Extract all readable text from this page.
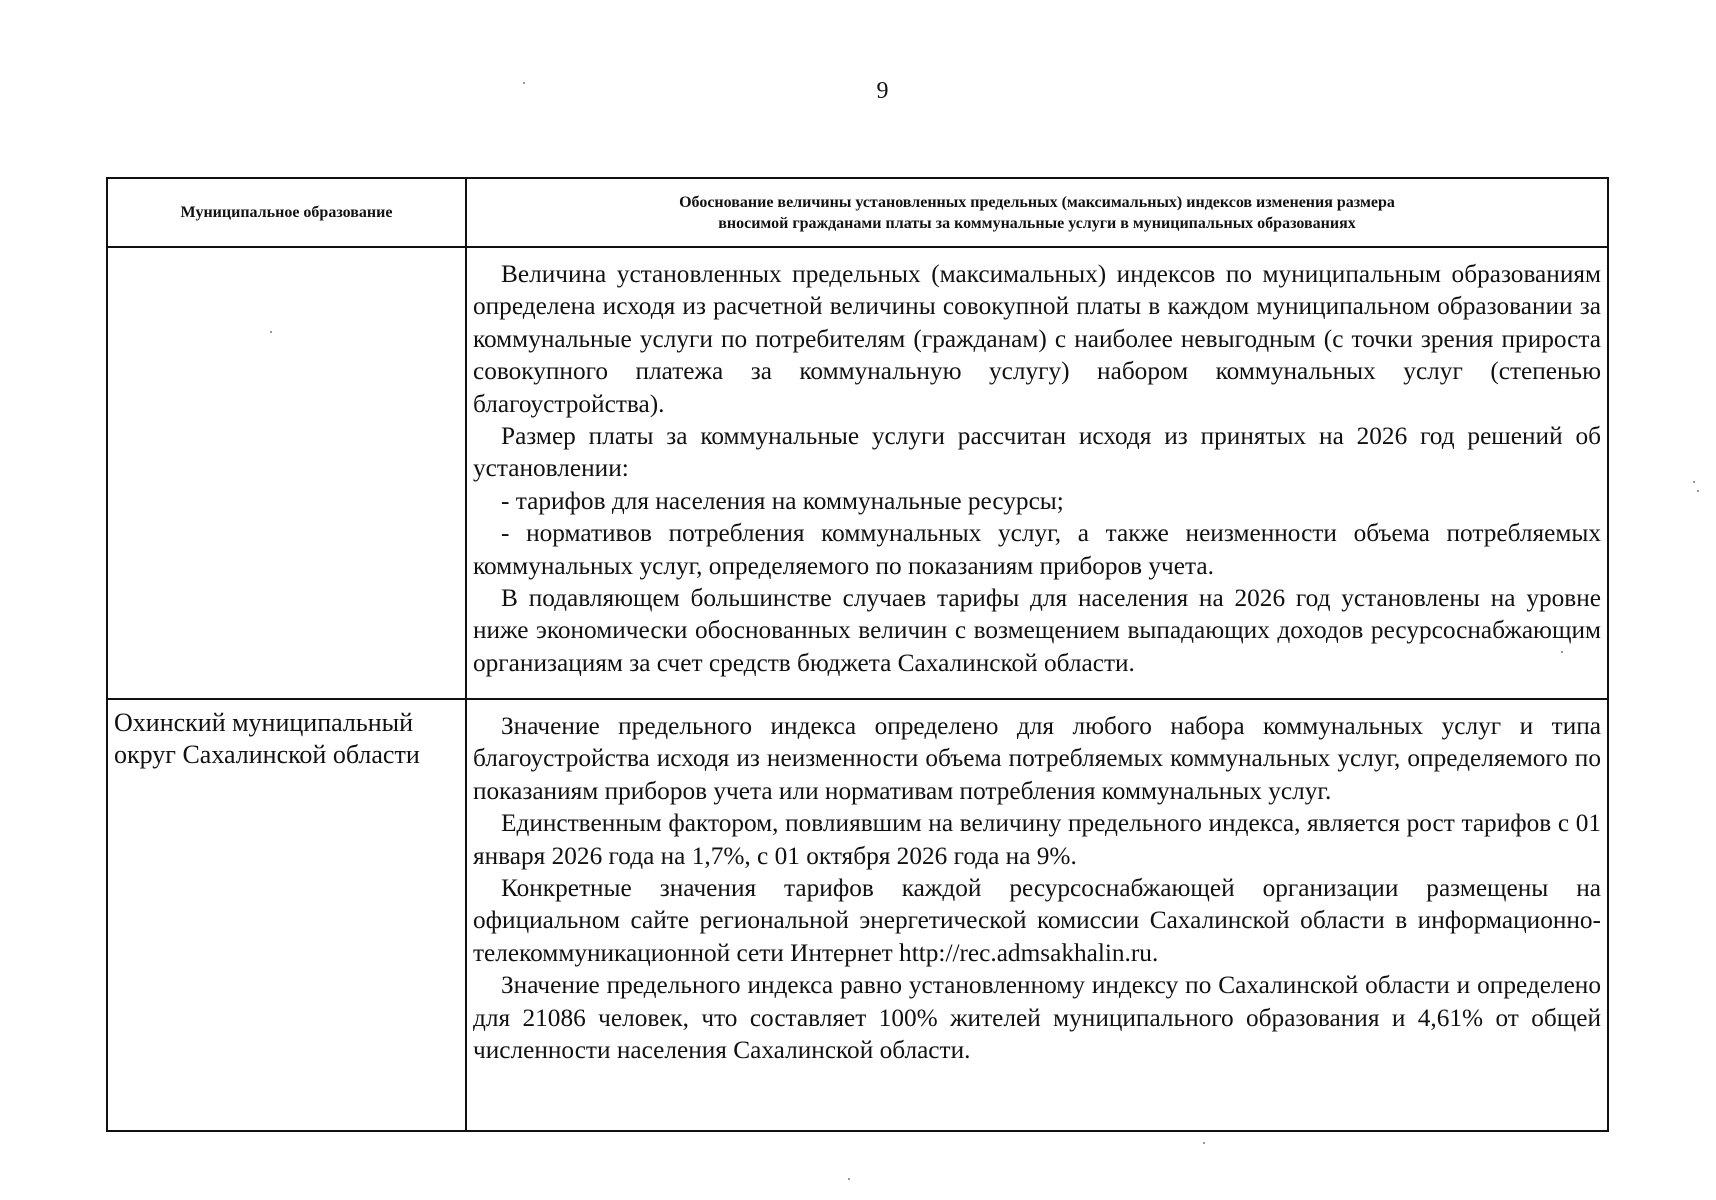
9
Муниципальное образование	Обоснование величины установленных предельных (максимальных) индексов изменения размера
вносимой гражданами платы за коммунальные услуги в муниципальных образованиях

	Величина установленных предельных (максимальных) индексов по муниципальным образованиям определена исходя из расчетной величины совокупной платы в каждом муниципальном образовании за коммунальные услуги по потребителям (гражданам) с наиболее невыгодным (с точки зрения прироста совокупного платежа за коммунальную услугу) набором коммунальных услуг (степенью благоустройства).

Размер платы за коммунальные услуги рассчитан исходя из принятых на 2026 год решений об установлении:

- тарифов для населения на коммунальные ресурсы;

- нормативов потребления коммунальных услуг, а также неизменности объема потребляемых коммунальных услуг, определяемого по показаниям приборов учета.

В подавляющем большинстве случаев тарифы для населения на 2026 год установлены на уровне ниже экономически обоснованных величин с возмещением выпадающих доходов ресурсоснабжающим организациям за счет средств бюджета Сахалинской области.

Охинский муниципальный округ Сахалинской области	Значение предельного индекса определено для любого набора коммунальных услуг и типа благоустройства исходя из неизменности объема потребляемых коммунальных услуг, определяемого по показаниям приборов учета или нормативам потребления коммунальных услуг.

Единственным фактором, повлиявшим на величину предельного индекса, является рост тарифов с 01 января 2026 года на 1,7%, с 01 октября 2026 года на 9%.

Конкретные значения тарифов каждой ресурсоснабжающей организации размещены на официальном сайте региональной энергетической комиссии Сахалинской области в информационно-телекоммуникационной сети Интернет http://rec.admsakhalin.ru.

Значение предельного индекса равно установленному индексу по Сахалинской области и определено для 21086 человек, что составляет 100% жителей муниципального образования и 4,61% от общей численности населения Сахалинской области.
